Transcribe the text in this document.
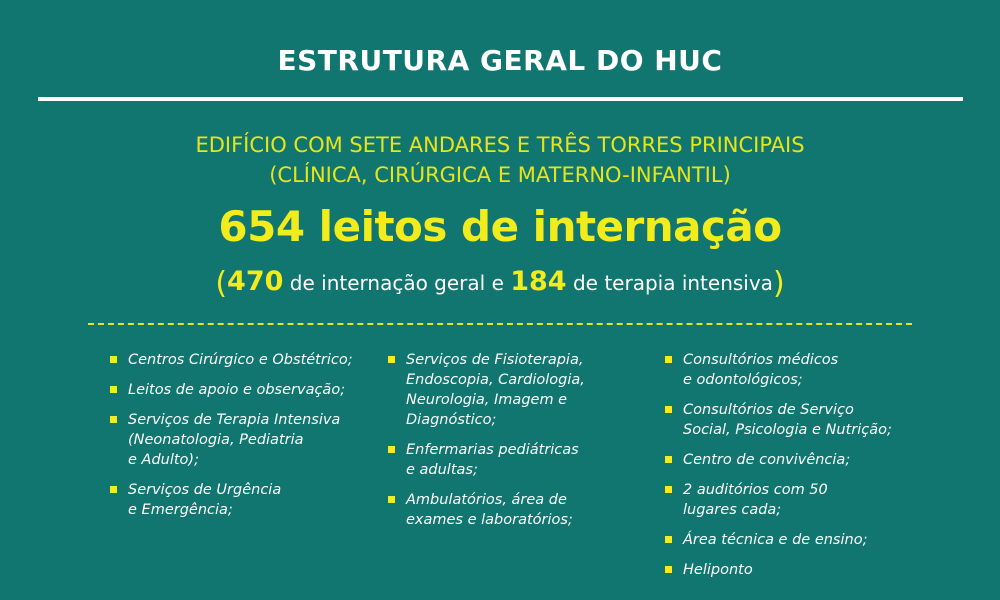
ESTRUTURA GERAL DO HUC
EDIFÍCIO COM SETE ANDARES E TRÊS TORRES PRINCIPAIS
(CLÍNICA, CIRÚRGICA E MATERNO-INFANTIL)
654 leitos de internação
(470 de internação geral e 184 de terapia intensiva)
Centros Cirúrgico e Obstétrico;
Leitos de apoio e observação;
Serviços de Terapia Intensiva
(Neonatologia, Pediatria
e Adulto);
Serviços de Urgência
e Emergência;
Serviços de Fisioterapia,
Endoscopia, Cardiologia,
Neurologia, Imagem e
Diagnóstico;
Enfermarias pediátricas
e adultas;
Ambulatórios, área de
exames e laboratórios;
Consultórios médicos
e odontológicos;
Consultórios de Serviço
Social, Psicologia e Nutrição;
Centro de convivência;
2 auditórios com 50
lugares cada;
Área técnica e de ensino;
Heliponto
